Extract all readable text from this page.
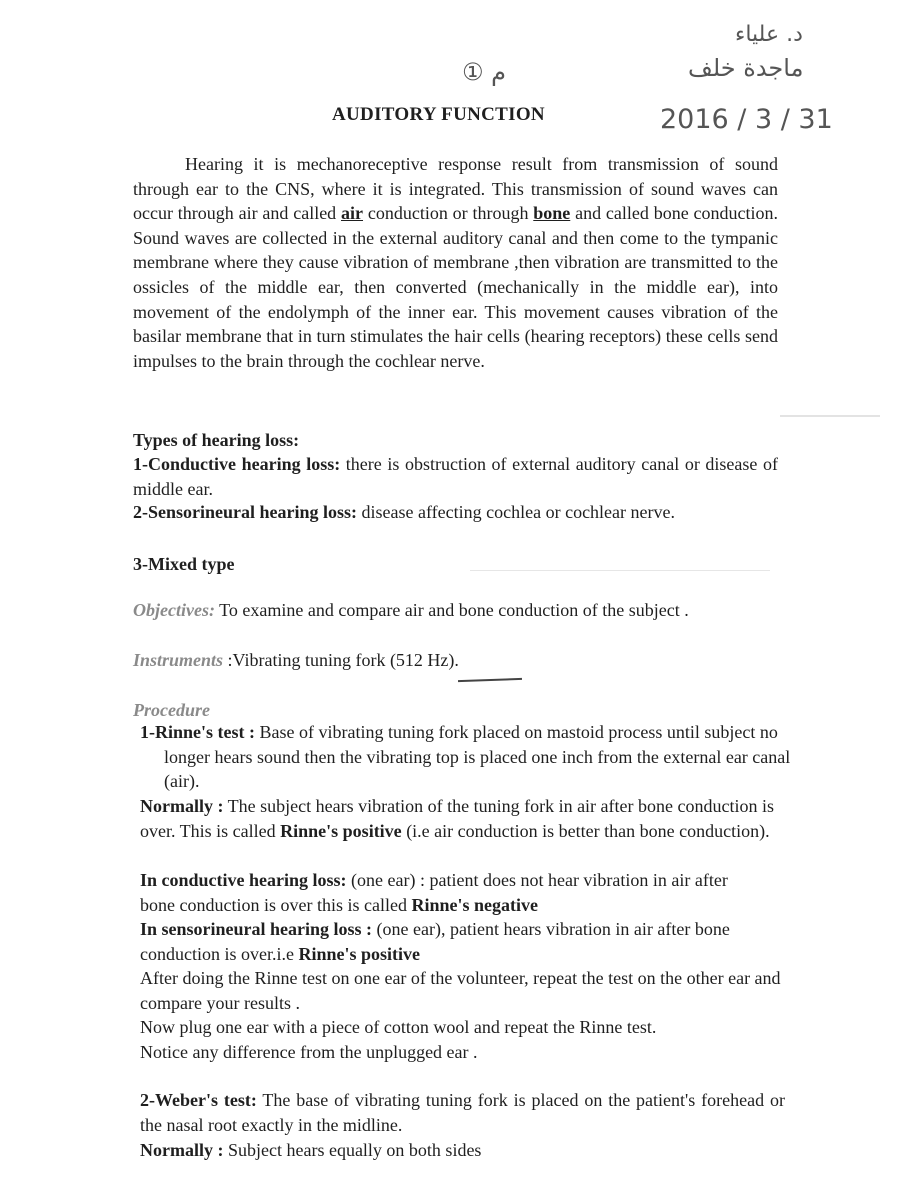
د. علياء
م ①	ماجدة خلف
2016 / 3 / 31
AUDITORY FUNCTION
Hearing it is mechanoreceptive response result from transmission of sound through ear to the CNS, where it is integrated. This transmission of sound waves can occur through air and called air conduction or through bone and called bone conduction. Sound waves are collected in the external auditory canal and then come to the tympanic membrane where they cause vibration of membrane ,then vibration are transmitted to the ossicles of the middle ear, then converted (mechanically in the middle ear), into movement of the endolymph of the inner ear. This movement causes vibration of the basilar membrane that in turn stimulates the hair cells (hearing receptors) these cells send impulses to the brain through the cochlear nerve.
Types of hearing loss:
1-Conductive hearing loss: there is obstruction of external auditory canal or disease of middle ear.
2-Sensorineural hearing loss: disease affecting cochlea or cochlear nerve.
3-Mixed type
Objectives: To examine and compare air and bone conduction of the subject .
Instruments :Vibrating tuning fork (512 Hz).
Procedure
1-Rinne's test : Base of vibrating tuning fork placed on mastoid process until subject no longer hears sound then the vibrating top is placed one inch from the external ear canal (air).
Normally : The subject hears vibration of the tuning fork in air after bone conduction is over. This is called Rinne's positive (i.e air conduction is better than bone conduction).
In conductive hearing loss: (one ear) : patient does not hear vibration in air after bone conduction is over this is called Rinne's negative
In sensorineural hearing loss : (one ear), patient hears vibration in air after bone conduction is over.i.e Rinne's positive
After doing the Rinne test on one ear of the volunteer, repeat the test on the other ear and compare your results .
Now plug one ear with a piece of cotton wool and repeat the Rinne test.
Notice any difference from the unplugged ear .
2-Weber's test: The base of vibrating tuning fork is placed on the patient's forehead or the nasal root exactly in the midline.
Normally : Subject hears equally on both sides
